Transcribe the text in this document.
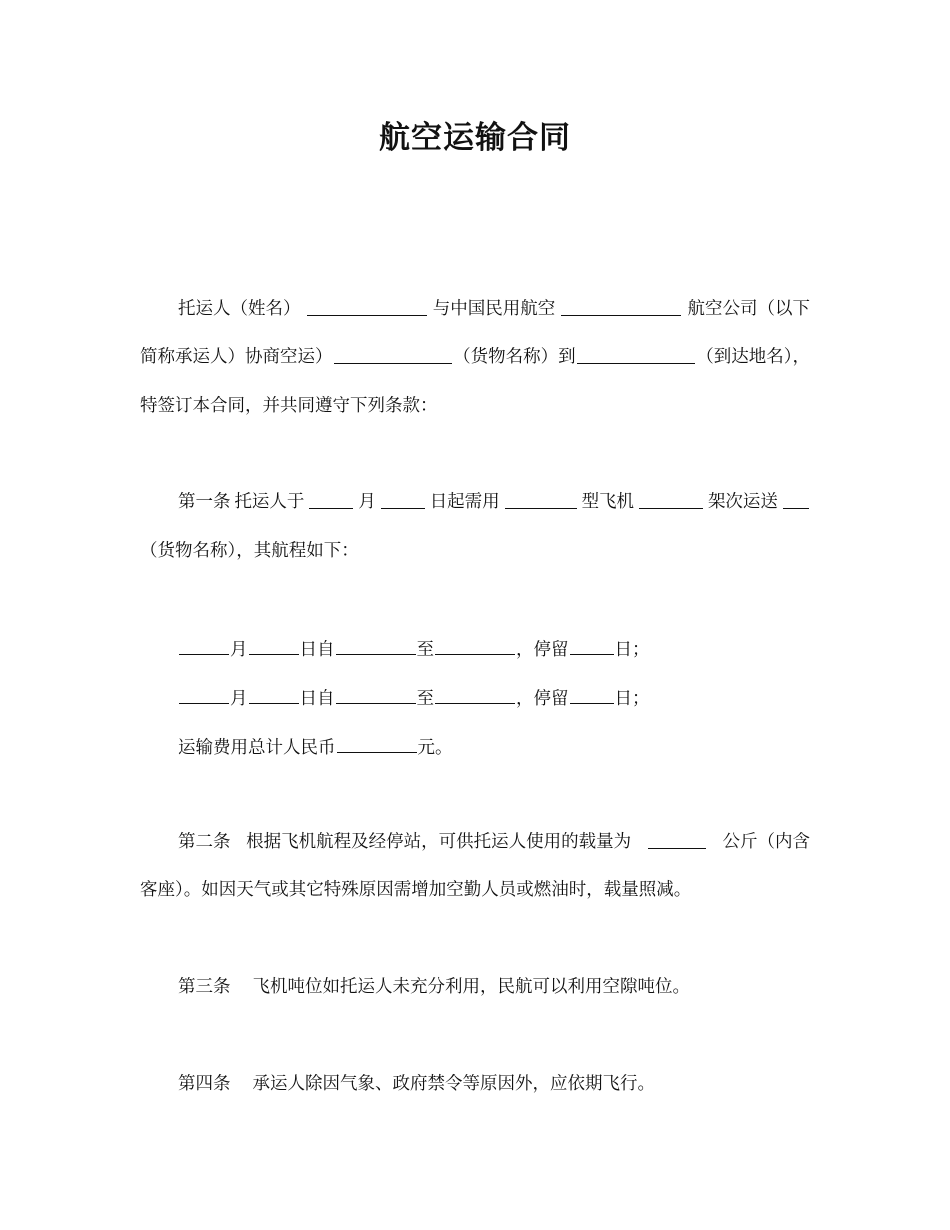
航空运输合同
托运人（姓名）	与中国民用航空	航空公司（以下
简称承运人）协商空运）	（货物名称）到	（到达地名），
特签订本合同，并共同遵守下列条款：
第一条 托运人于	月	日起需用	型飞机	架次运送
（货物名称），其航程如下：
月	日自	至	，停留	日；
月	日自	至	，停留	日；
运输费用总计人民币	元。
第二条 根据飞机航程及经停站，可供托运人使用的载量为	公斤（内含
客座）。如因天气或其它特殊原因需增加空勤人员或燃油时，载量照减。
第三条 飞机吨位如托运人未充分利用，民航可以利用空隙吨位。
第四条 承运人除因气象、政府禁令等原因外，应依期飞行。
